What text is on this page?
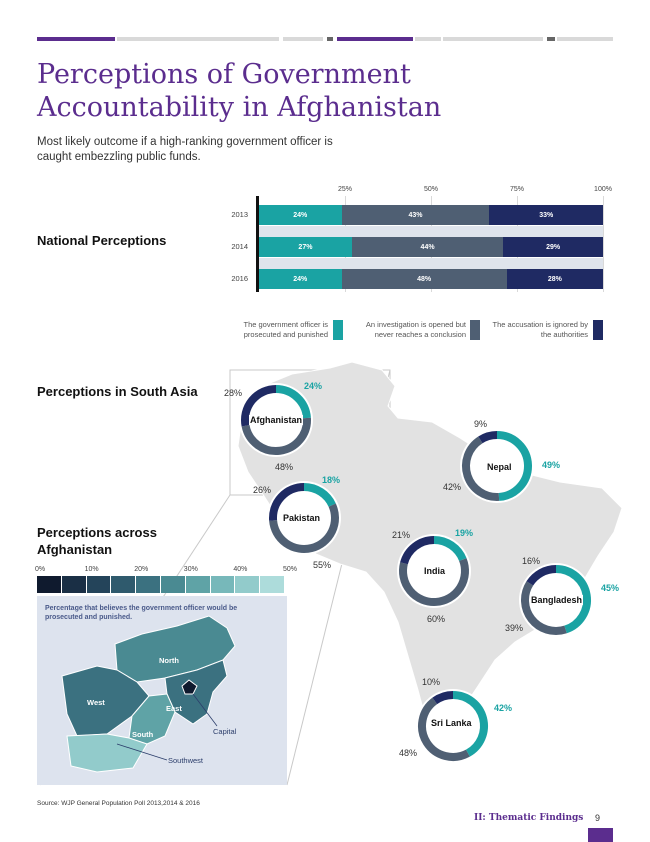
Perceptions of Government Accountability in Afghanistan

Most likely outcome if a high-ranking government officer is caught embezzling public funds.

National Perceptions
25%	50%	75%	100%
2013	24%	43%	33%
2014	27%	44%	29%
2016	24%	48%	28%
The government officer is prosecuted and punished
An investigation is opened but never reaches a conclusion
The accusation is ignored by the authorities
Perceptions in South Asia
Afghanistan
24%
48%
28%
Pakistan
18%
55%
26%
Nepal	49%
42%
9%
India
19%
60%
21%
Bangladesh
45%
39%
16%
Sri Lanka
42%
48%
10%
Perceptions across Afghanistan
0%	10%	20%	30%	40%	50%
Percentage that believes the government officer would be prosecuted and punished.
North
West
East
South	Capital
Southwest
Source: WJP General Population Poll 2013,2014 & 2016
II: Thematic Findings 9
